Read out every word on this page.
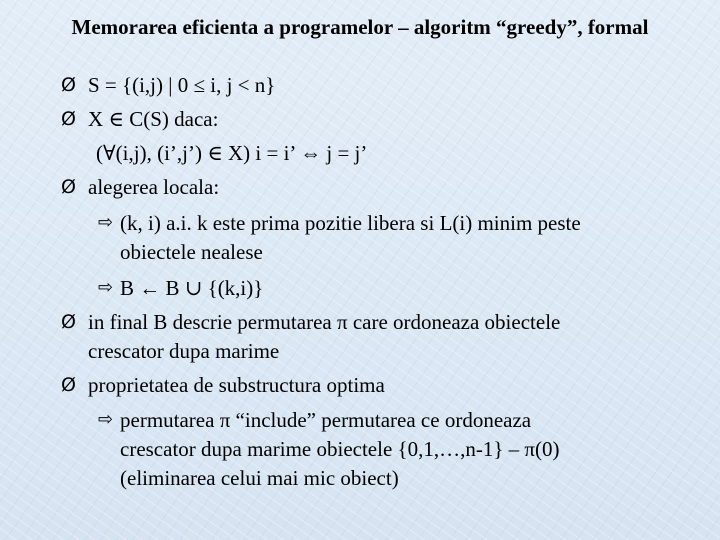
Memorarea eficienta a programelor – algoritm “greedy”, formal
Ø S = {(i,j) | 0 ≤ i, j < n}
Ø X ∈ C(S) daca:
(∀(i,j), (i’,j’) ∈ X) i = i’ ⇔ j = j’
Ø alegerea locala:
⇨ (k, i) a.i. k este prima pozitie libera si L(i) minim peste
obiectele nealese
⇨ B ← B ∪ {(k,i)}
Ø in final B descrie permutarea π care ordoneaza obiectele
crescator dupa marime
Ø proprietatea de substructura optima
⇨ permutarea π “include” permutarea ce ordoneaza
crescator dupa marime obiectele {0,1,…,n-1} – π(0)
(eliminarea celui mai mic obiect)
